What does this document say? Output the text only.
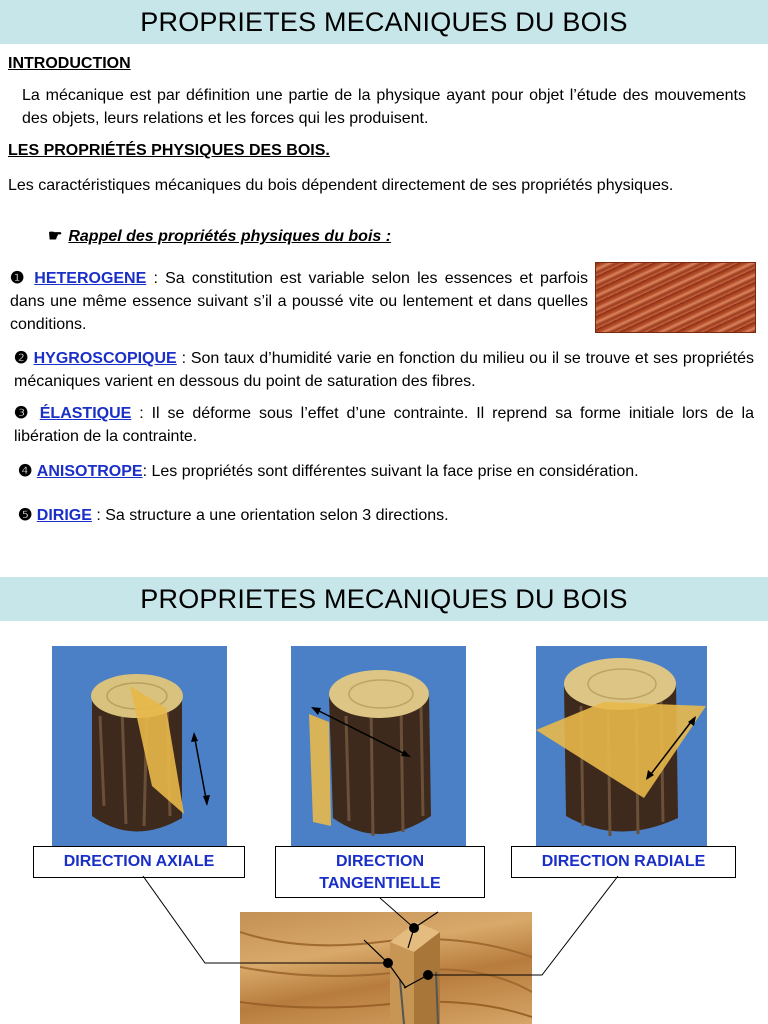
PROPRIETES MECANIQUES DU BOIS
INTRODUCTION
La mécanique est par définition une partie de la physique ayant pour objet l’étude des mouvements des objets, leurs relations et les forces qui les produisent.
LES PROPRIÉTÉS PHYSIQUES DES BOIS.
Les caractéristiques mécaniques du bois dépendent directement de ses propriétés physiques.
☛ Rappel des propriétés physiques du bois :
❶ HETEROGENE : Sa constitution est variable selon les essences et parfois dans une même essence suivant s’il a poussé vite ou lentement et dans quelles conditions.
❷ HYGROSCOPIQUE : Son taux d’humidité varie en fonction du milieu ou il se trouve et ses propriétés mécaniques varient en dessous du point de saturation des fibres.
❸ ÉLASTIQUE : Il se déforme sous l’effet d’une contrainte. Il reprend sa forme initiale lors de la libération de la contrainte.
❹ ANISOTROPE: Les propriétés sont différentes suivant la face prise en considération.
❺ DIRIGE : Sa structure a une orientation selon 3 directions.
PROPRIETES MECANIQUES DU BOIS
DIRECTION AXIALE	DIRECTION
TANGENTIELLE
DIRECTION RADIALE
